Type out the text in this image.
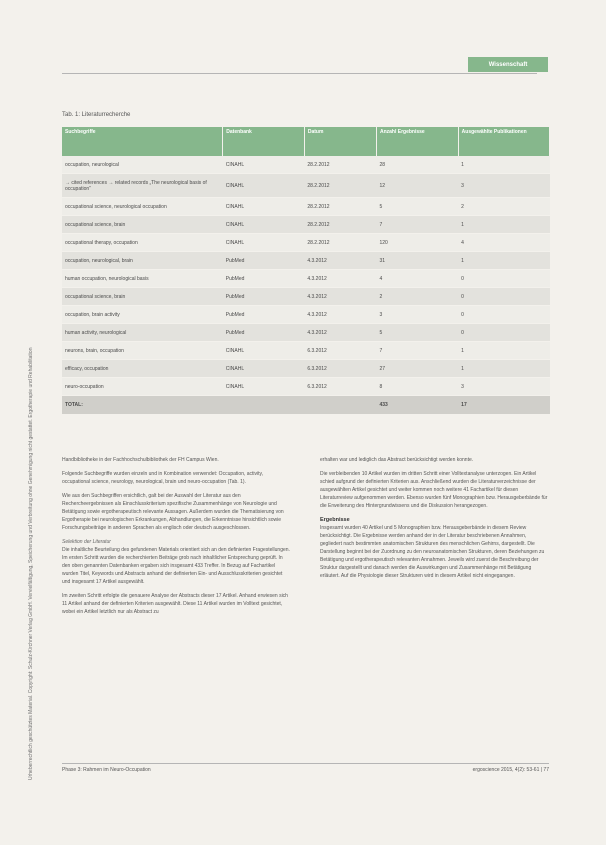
Urheberrechtlich geschütztes Material. Copyright: Schulz-Kirchner Verlag GmbH. Vervielfältigung, Speicherung und Verbreitung ohne Genehmigung nicht gestattet. Ergotherapie und Rehabilitation
Wissenschaft
Tab. 1: Literaturrecherche
Suchbegriffe	Datenbank	Datum	Anzahl Ergebnisse	Ausgewählte Publikationen
occupation, neurological	CINAHL	28.2.2012	28	1
→ cited references → related records „The neurological basis of occupation“	CINAHL	28.2.2012	12	3
occupational science, neurological occupation	CINAHL	28.2.2012	5	2
occupational science, brain	CINAHL	28.2.2012	7	1
occupational therapy, occupation	CINAHL	28.2.2012	120	4
occupation, neurological, brain	PubMed	4.3.2012	31	1
human occupation, neurological basis	PubMed	4.3.2012	4	0
occupational science, brain	PubMed	4.3.2012	2	0
occupation, brain activity	PubMed	4.3.2012	3	0
human activity, neurological	PubMed	4.3.2012	5	0
neurons, brain, occupation	CINAHL	6.3.2012	7	1
efficacy, occupation	CINAHL	6.3.2012	27	1
neuro-occupation	CINAHL	6.3.2012	8	3
TOTAL:			433	17

Handbibliotheke in der Fachhochschulbibliothek der FH Campus Wien.

Folgende Suchbegriffe wurden einzeln und in Kombination verwendet: Occupation, activity, occupational science, neurology, neurological, brain und neuro-occupation (Tab. 1).

Wie aus den Suchbegriffen ersichtlich, galt bei der Auswahl der Literatur aus den Rechercheergebnissen als Einschlusskriterium spezifische Zusammenhänge von Neurologie und Betätigung sowie ergotherapeutisch relevante Aussagen. Außerdem wurden die Thematisierung von Ergotherapie bei neurologischen Erkrankungen, Abhandlungen, die Erkenntnisse hinsichtlich sowie Forschungsbeiträge in anderen Sprachen als englisch oder deutsch ausgeschlossen.

Selektion der Literatur

Die inhaltliche Beurteilung des gefundenen Materials orientiert sich an den definierten Fragestellungen. Im ersten Schritt wurden die recherchierten Beiträge grob nach inhaltlicher Entsprechung geprüft. In den oben genannten Datenbanken ergaben sich insgesamt 433 Treffer. In Bezug auf Fachartikel wurden Titel, Keywords und Abstracts anhand der definierten Ein- und Ausschlusskriterien gesichtet und insgesamt 17 Artikel ausgewählt.

Im zweiten Schritt erfolgte die genauere Analyse der Abstracts dieser 17 Artikel. Anhand erwiesen sich 11 Artikel anhand der definierten Kriterien ausgewählt. Diese 11 Artikel wurden im Volltext gesichtet, wobei ein Artikel letztlich nur als Abstract zu

erhalten war und lediglich das Abstract berücksichtigt werden konnte.

Die verbleibenden 10 Artikel wurden im dritten Schritt einer Volltextanalyse unterzogen. Ein Artikel schied aufgrund der definierten Kriterien aus. Anschließend wurden die Literaturverzeichnisse der ausgewählten Artikel gesichtet und weiter kommen noch weitere 41 Fachartikel für diesen Literaturreview aufgenommen werden. Ebenso wurden fünf Monographien bzw. Herausgeberbände für die Erweiterung des Hintergrundwissens und die Diskussion herangezogen.

Ergebnisse

Insgesamt wurden 40 Artikel und 5 Monographien bzw. Herausgeberbände in diesem Review berücksichtigt. Die Ergebnisse werden anhand der in der Literatur beschriebenen Annahmen, gegliedert nach bestimmten anatomischen Strukturen des menschlichen Gehirns, dargestellt. Die Darstellung beginnt bei der Zuordnung zu den neuroanatomischen Strukturen, deren Beziehungen zu Betätigung und ergotherapeutisch relevanten Annahmen. Jeweils wird zuerst die Beschreibung der Struktur dargestellt und danach werden die Auswirkungen und Zusammenhänge mit Betätigung erläutert. Auf die Physiologie dieser Strukturen wird in diesem Artikel nicht eingegangen.

Phase 3: Rahmen im Neuro-Occupation	ergoscience 2015, 4(2): 53-61 | 77
